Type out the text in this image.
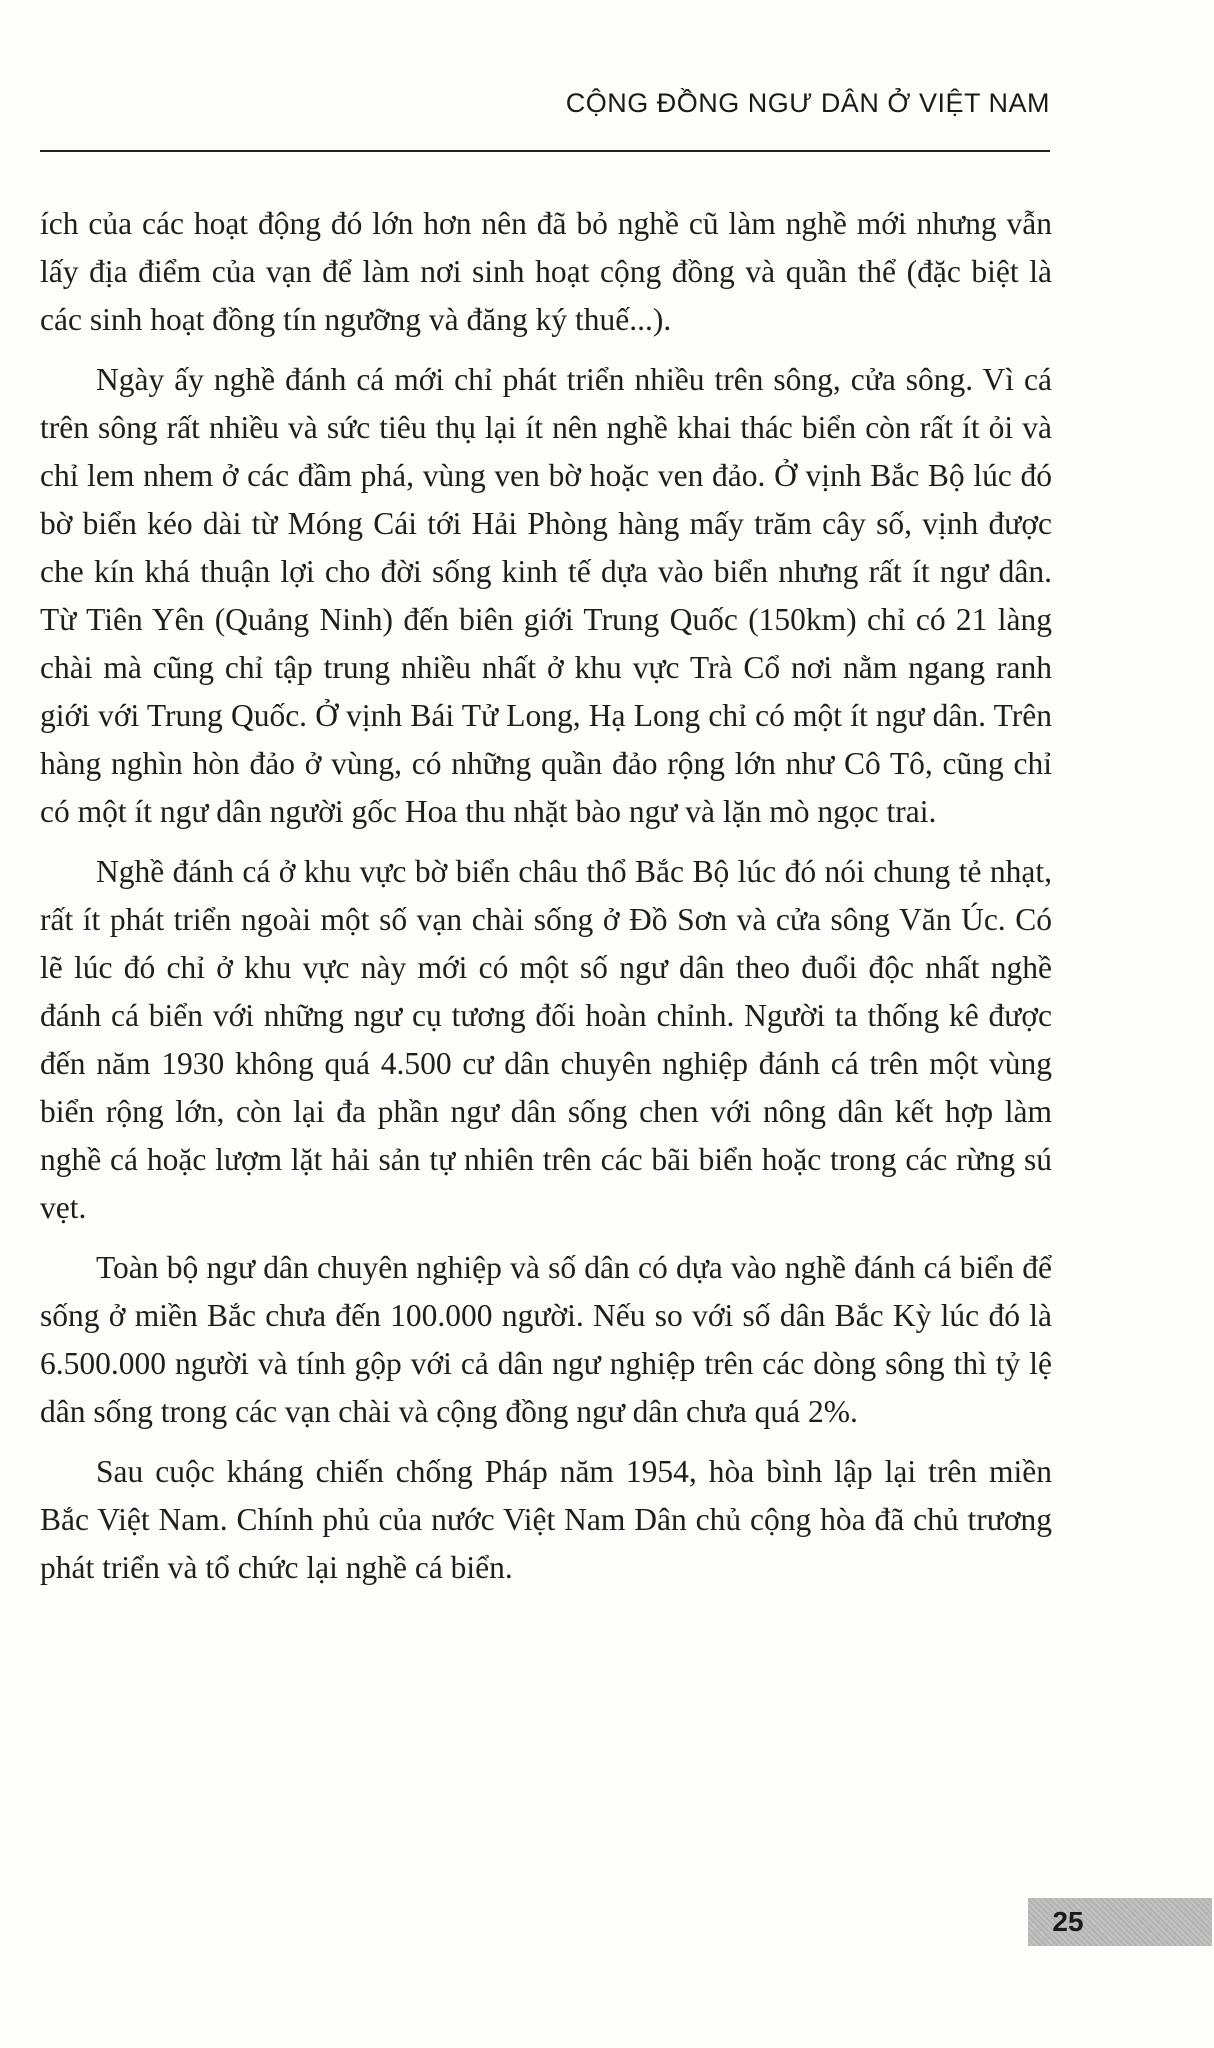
CỘNG ĐỒNG NGƯ DÂN Ở VIỆT NAM

ích của các hoạt động đó lớn hơn nên đã bỏ nghề cũ làm nghề mới nhưng vẫn lấy địa điểm của vạn để làm nơi sinh hoạt cộng đồng và quần thể (đặc biệt là các sinh hoạt đồng tín ngưỡng và đăng ký thuế...).

Ngày ấy nghề đánh cá mới chỉ phát triển nhiều trên sông, cửa sông. Vì cá trên sông rất nhiều và sức tiêu thụ lại ít nên nghề khai thác biển còn rất ít ỏi và chỉ lem nhem ở các đầm phá, vùng ven bờ hoặc ven đảo. Ở vịnh Bắc Bộ lúc đó bờ biển kéo dài từ Móng Cái tới Hải Phòng hàng mấy trăm cây số, vịnh được che kín khá thuận lợi cho đời sống kinh tế dựa vào biển nhưng rất ít ngư dân. Từ Tiên Yên (Quảng Ninh) đến biên giới Trung Quốc (150km) chỉ có 21 làng chài mà cũng chỉ tập trung nhiều nhất ở khu vực Trà Cổ nơi nằm ngang ranh giới với Trung Quốc. Ở vịnh Bái Tử Long, Hạ Long chỉ có một ít ngư dân. Trên hàng nghìn hòn đảo ở vùng, có những quần đảo rộng lớn như Cô Tô, cũng chỉ có một ít ngư dân người gốc Hoa thu nhặt bào ngư và lặn mò ngọc trai.

Nghề đánh cá ở khu vực bờ biển châu thổ Bắc Bộ lúc đó nói chung tẻ nhạt, rất ít phát triển ngoài một số vạn chài sống ở Đồ Sơn và cửa sông Văn Úc. Có lẽ lúc đó chỉ ở khu vực này mới có một số ngư dân theo đuổi độc nhất nghề đánh cá biển với những ngư cụ tương đối hoàn chỉnh. Người ta thống kê được đến năm 1930 không quá 4.500 cư dân chuyên nghiệp đánh cá trên một vùng biển rộng lớn, còn lại đa phần ngư dân sống chen với nông dân kết hợp làm nghề cá hoặc lượm lặt hải sản tự nhiên trên các bãi biển hoặc trong các rừng sú vẹt.

Toàn bộ ngư dân chuyên nghiệp và số dân có dựa vào nghề đánh cá biển để sống ở miền Bắc chưa đến 100.000 người. Nếu so với số dân Bắc Kỳ lúc đó là 6.500.000 người và tính gộp với cả dân ngư nghiệp trên các dòng sông thì tỷ lệ dân sống trong các vạn chài và cộng đồng ngư dân chưa quá 2%.

Sau cuộc kháng chiến chống Pháp năm 1954, hòa bình lập lại trên miền Bắc Việt Nam. Chính phủ của nước Việt Nam Dân chủ cộng hòa đã chủ trương phát triển và tổ chức lại nghề cá biển.

25
